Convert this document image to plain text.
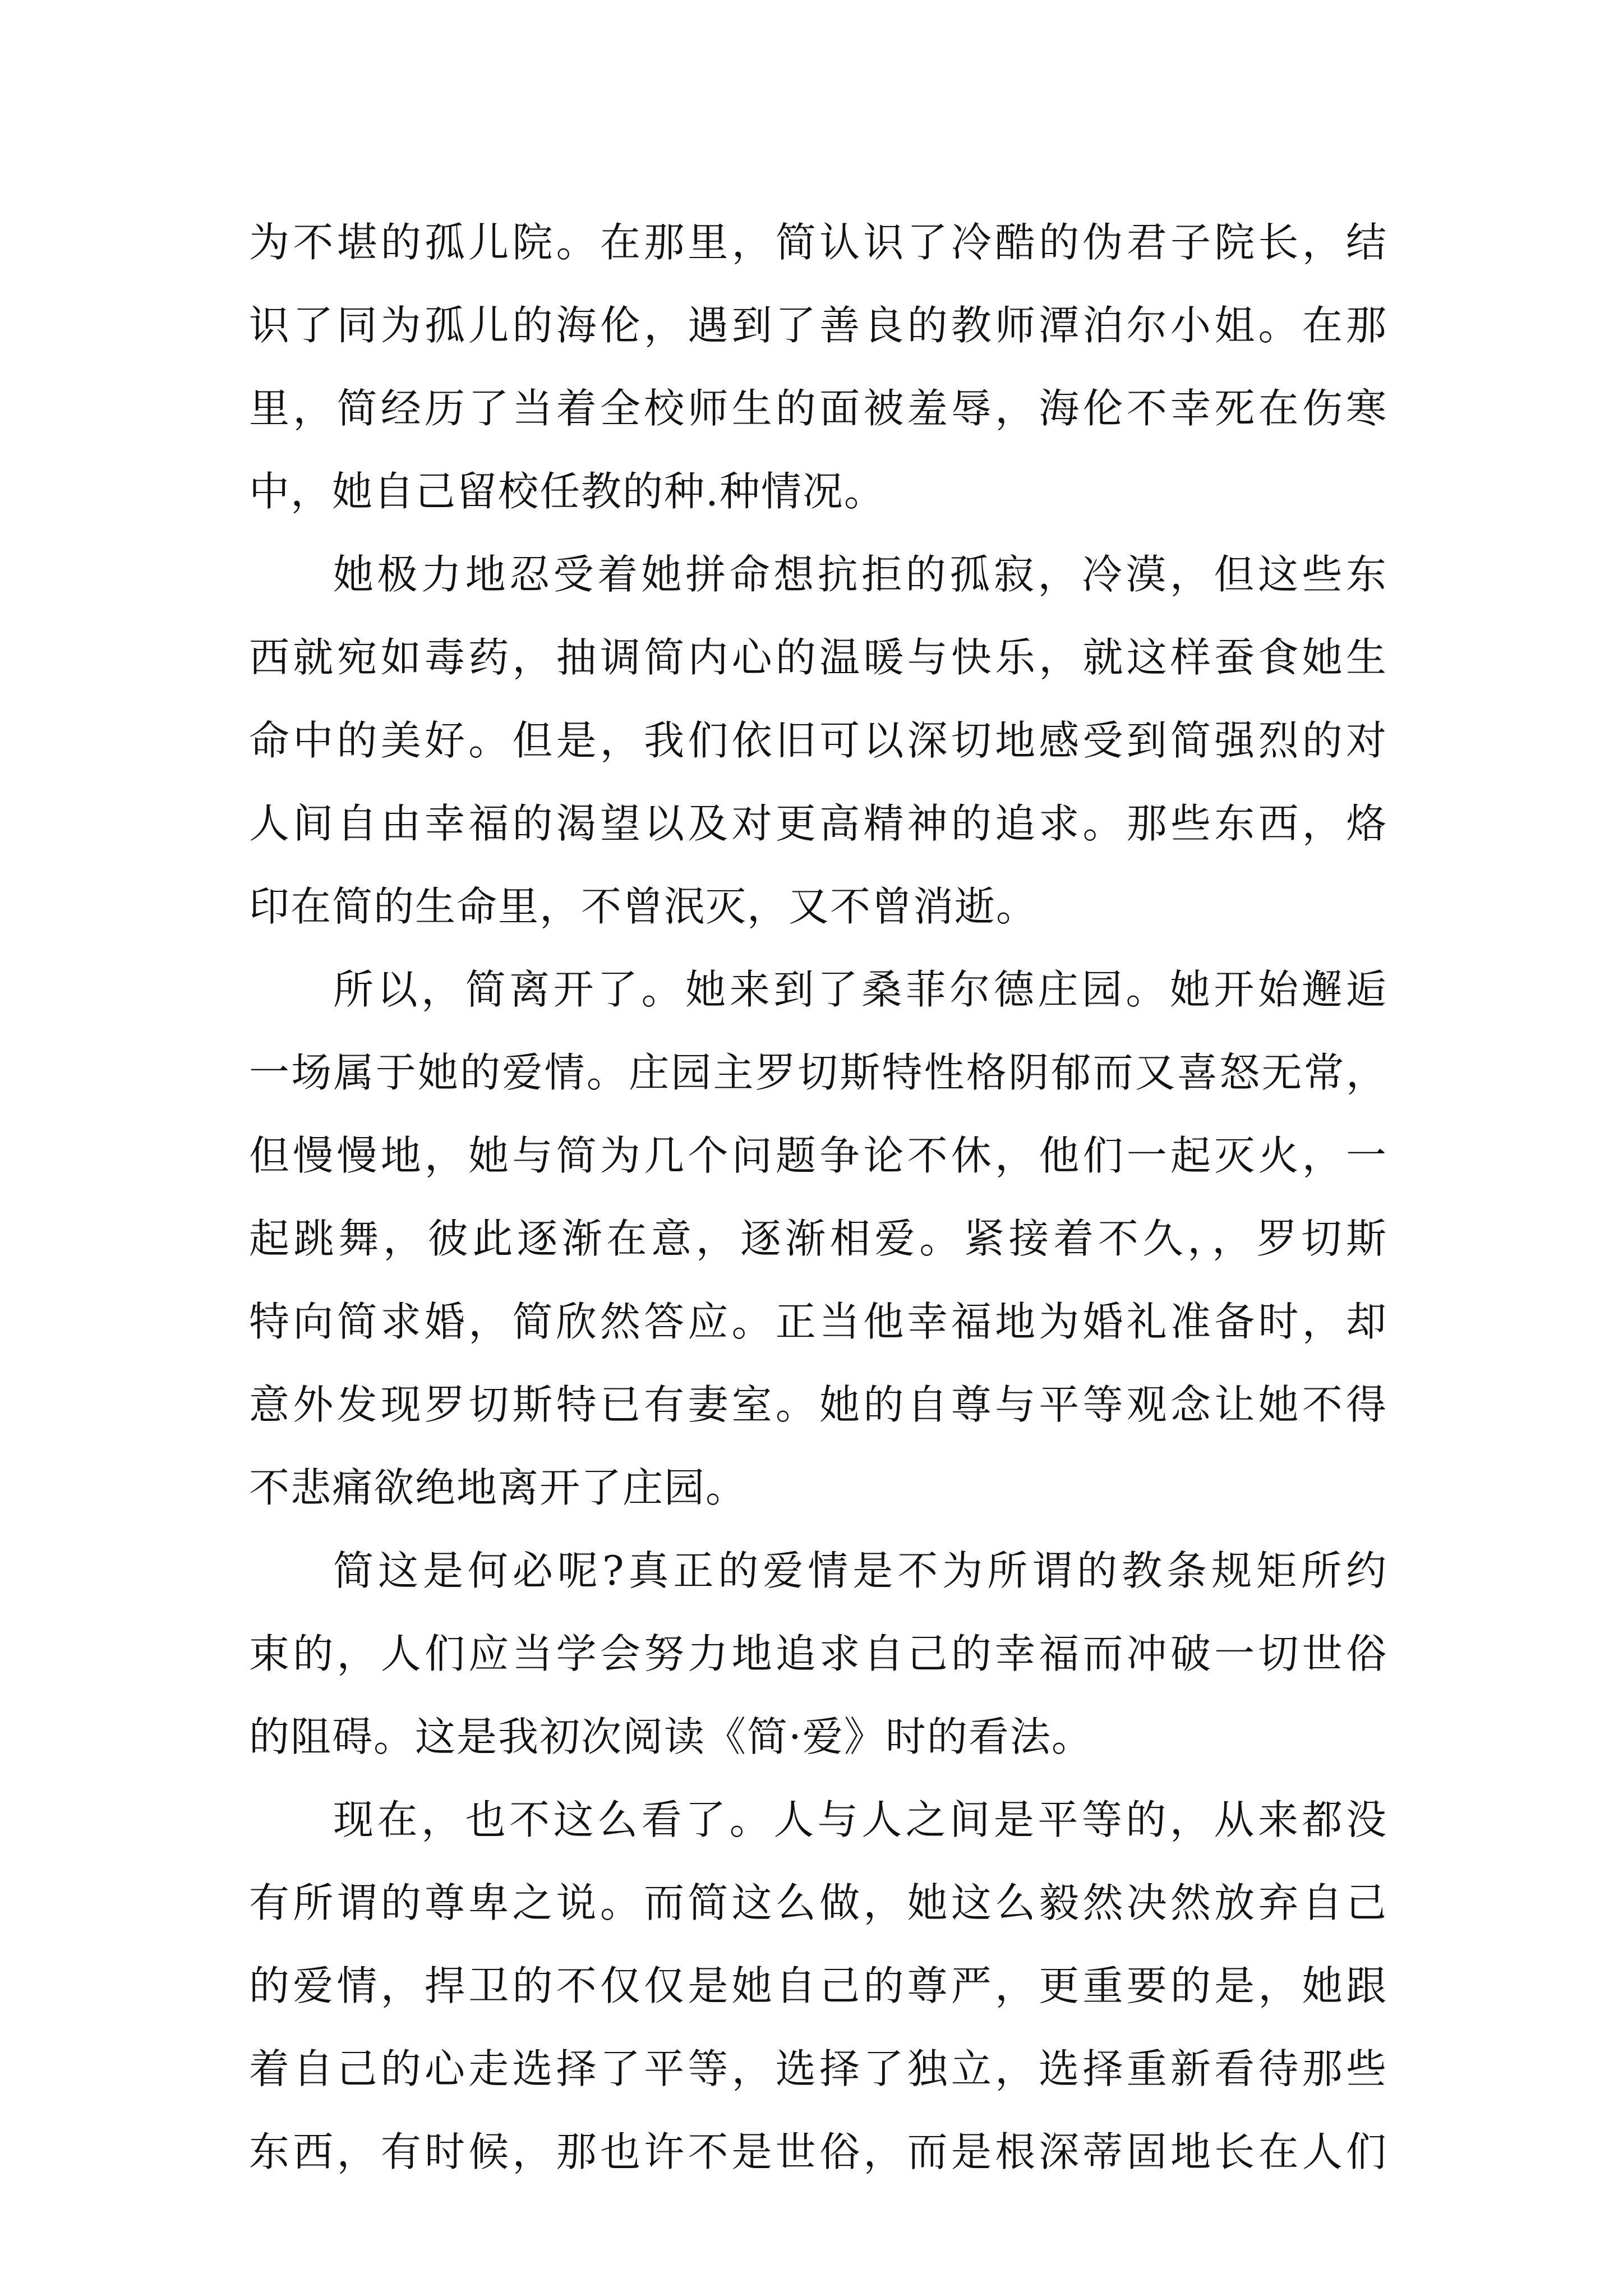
为不堪的孤儿院。在那里，简认识了冷酷的伪君子院长，结
识了同为孤儿的海伦，遇到了善良的教师潭泊尔小姐。在那
里，简经历了当着全校师生的面被羞辱，海伦不幸死在伤寒
中，她自己留校任教的种.种情况。
她极力地忍受着她拼命想抗拒的孤寂，冷漠，但这些东
西就宛如毒药，抽调简内心的温暖与快乐，就这样蚕食她生
命中的美好。但是，我们依旧可以深切地感受到简强烈的对
人间自由幸福的渴望以及对更高精神的追求。那些东西，烙
印在简的生命里，不曾泯灭，又不曾消逝。
所以，简离开了。她来到了桑菲尔德庄园。她开始邂逅
一场属于她的爱情。庄园主罗切斯特性格阴郁而又喜怒无常，
但慢慢地，她与简为几个问题争论不休，他们一起灭火，一
起跳舞，彼此逐渐在意，逐渐相爱。紧接着不久，，罗切斯
特向简求婚，简欣然答应。正当他幸福地为婚礼准备时，却
意外发现罗切斯特已有妻室。她的自尊与平等观念让她不得
不悲痛欲绝地离开了庄园。
简这是何必呢?真正的爱情是不为所谓的教条规矩所约
束的，人们应当学会努力地追求自己的幸福而冲破一切世俗
的阻碍。这是我初次阅读《简·爱》时的看法。
现在，也不这么看了。人与人之间是平等的，从来都没
有所谓的尊卑之说。而简这么做，她这么毅然决然放弃自己
的爱情，捍卫的不仅仅是她自己的尊严，更重要的是，她跟
着自己的心走选择了平等，选择了独立，选择重新看待那些
东西，有时候，那也许不是世俗，而是根深蒂固地长在人们
